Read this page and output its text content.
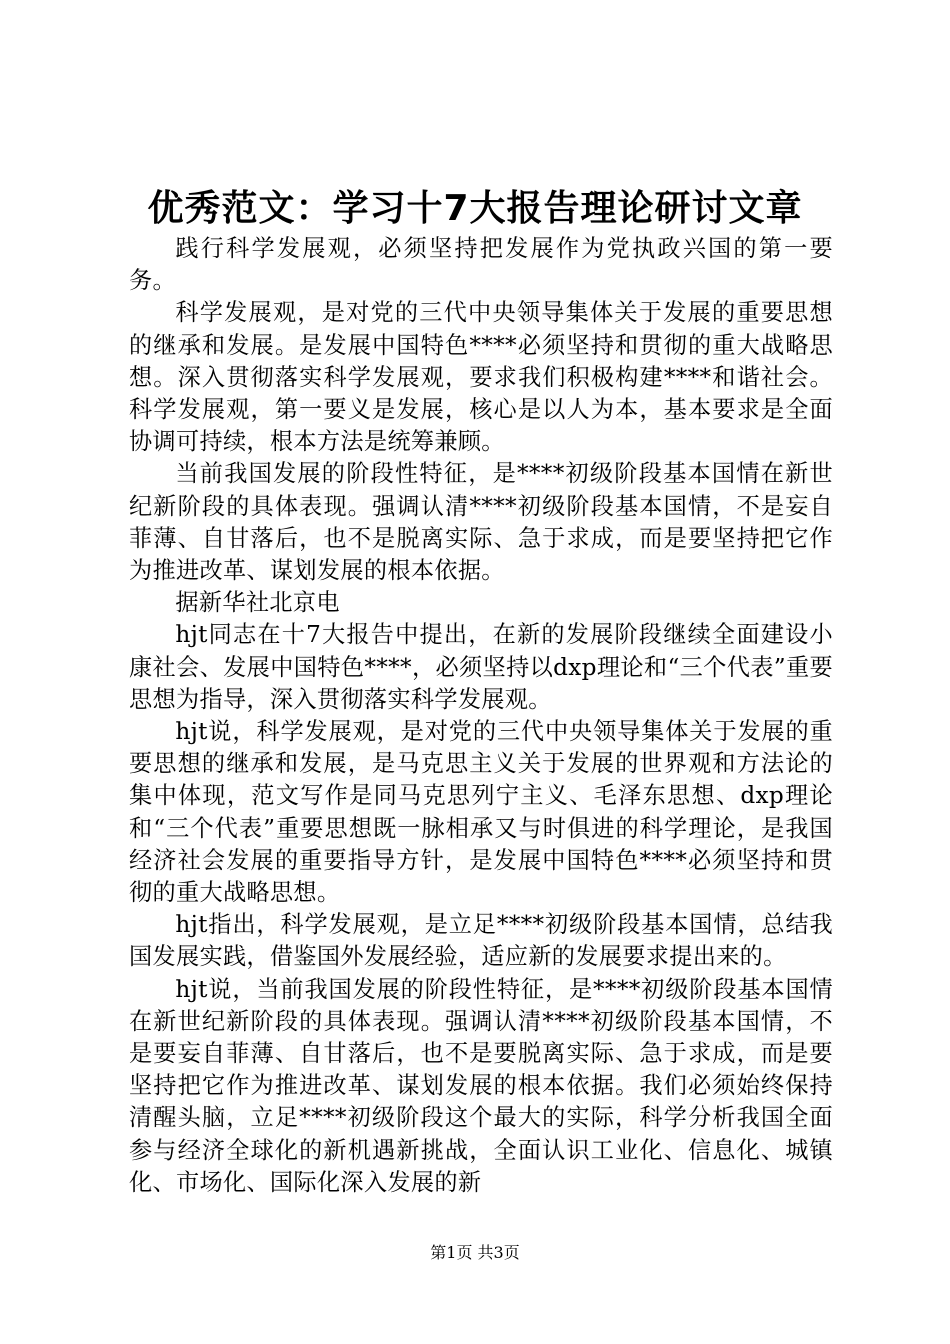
优秀范文：学习十7大报告理论研讨文章

践行科学发展观，必须坚持把发展作为党执政兴国的第一要务。

科学发展观，是对党的三代中央领导集体关于发展的重要思想的继承和发展。是发展中国特色****必须坚持和贯彻的重大战略思想。深入贯彻落实科学发展观，要求我们积极构建****和谐社会。科学发展观，第一要义是发展，核心是以人为本，基本要求是全面协调可持续，根本方法是统筹兼顾。

当前我国发展的阶段性特征，是****初级阶段基本国情在新世纪新阶段的具体表现。强调认清****初级阶段基本国情，不是妄自菲薄、自甘落后，也不是脱离实际、急于求成，而是要坚持把它作为推进改革、谋划发展的根本依据。

据新华社北京电

hjt同志在十7大报告中提出，在新的发展阶段继续全面建设小康社会、发展中国特色****，必须坚持以dxp理论和“三个代表”重要思想为指导，深入贯彻落实科学发展观。

hjt说，科学发展观，是对党的三代中央领导集体关于发展的重要思想的继承和发展，是马克思主义关于发展的世界观和方法论的集中体现，范文写作是同马克思列宁主义、毛泽东思想、dxp理论和“三个代表”重要思想既一脉相承又与时俱进的科学理论，是我国经济社会发展的重要指导方针，是发展中国特色****必须坚持和贯彻的重大战略思想。

hjt指出，科学发展观，是立足****初级阶段基本国情，总结我国发展实践，借鉴国外发展经验，适应新的发展要求提出来的。

hjt说，当前我国发展的阶段性特征，是****初级阶段基本国情在新世纪新阶段的具体表现。强调认清****初级阶段基本国情，不是要妄自菲薄、自甘落后，也不是要脱离实际、急于求成，而是要坚持把它作为推进改革、谋划发展的根本依据。我们必须始终保持清醒头脑，立足****初级阶段这个最大的实际，科学分析我国全面参与经济全球化的新机遇新挑战，全面认识工业化、信息化、城镇化、市场化、国际化深入发展的新

第1页 共3页
